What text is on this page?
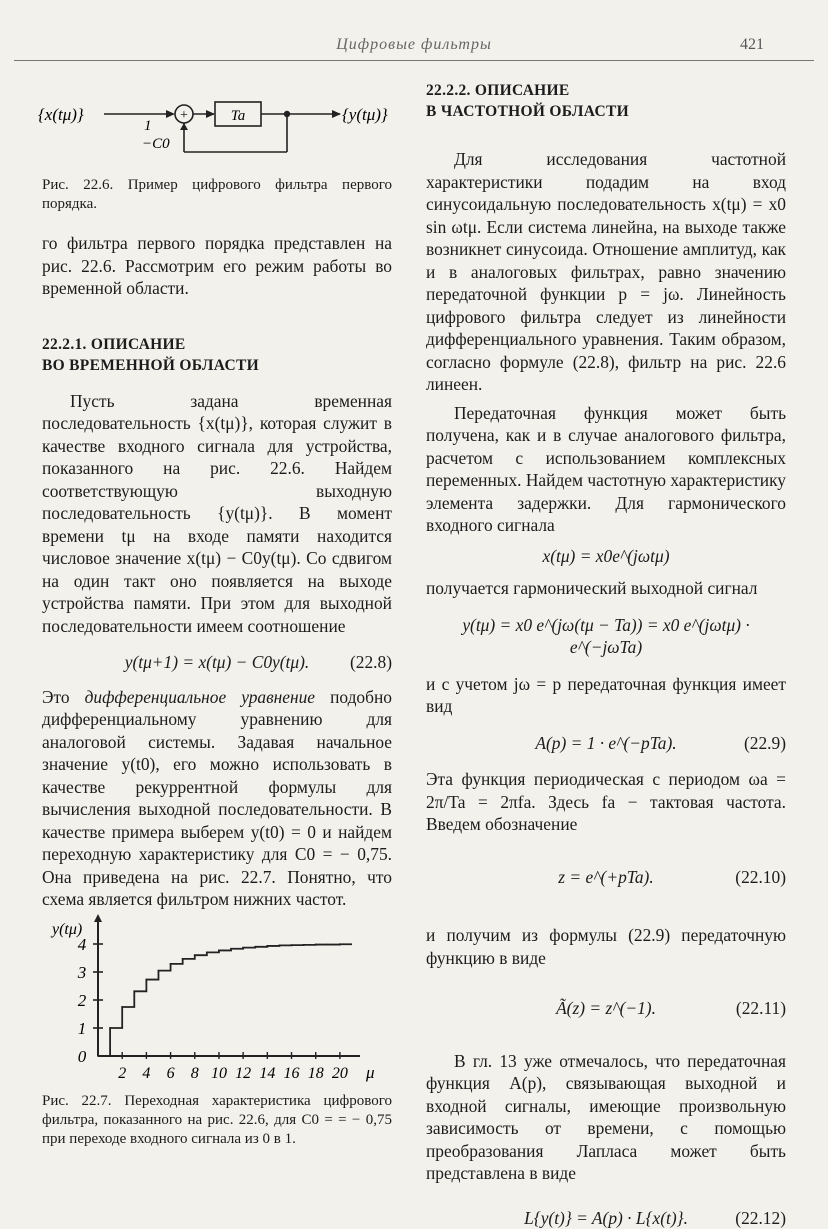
Цифровые фильтры	421
{x(tμ)}
1
+	Ta	{y(tμ)}
−C0
Рис. 22.6. Пример цифрового фильтра первого порядка.

го фильтра первого порядка представлен на рис. 22.6. Рассмотрим его режим работы во временной области.

22.2.1. ОПИСАНИЕ
ВО ВРЕМЕННОЙ ОБЛАСТИ

Пусть задана временная последовательность {x(tμ)}, которая служит в качестве входного сигнала для устройства, показанного на рис. 22.6. Найдем соответствующую выходную последовательность {y(tμ)}. В момент времени tμ на входе памяти находится числовое значение x(tμ) − C0y(tμ). Со сдвигом на один такт оно появляется на выходе устройства памяти. При этом для выходной последовательности имеем соотношение

y(tμ+1) = x(tμ) − C0y(tμ). (22.8)

Это дифференциальное уравнение подобно дифференциальному уравнению для аналоговой системы. Задавая начальное значение y(t0), его можно использовать в качестве рекуррентной формулы для вычисления выходной последовательности. В качестве примера выберем y(t0) = 0 и найдем переходную характеристику для C0 = − 0,75. Она приведена на рис. 22.7. Понятно, что схема является фильтром нижних частот.

0
1
2
3
4
2 4 6 8 10 12 14 16 18 20
y(tμ)
μ
Рис. 22.7. Переходная характеристика цифрового фильтра, показанного на рис. 22.6, для C0 = = − 0,75 при переходе входного сигнала из 0 в 1.
22.2.2. ОПИСАНИЕ
В ЧАСТОТНОЙ ОБЛАСТИ

Для исследования частотной характеристики подадим на вход синусоидальную последовательность x(tμ) = x0 sin ωtμ. Если система линейна, на выходе также возникнет синусоида. Отношение амплитуд, как и в аналоговых фильтрах, равно значению передаточной функции p = jω. Линейность цифрового фильтра следует из линейности дифференциального уравнения. Таким образом, согласно формуле (22.8), фильтр на рис. 22.6 линеен.

Передаточная функция может быть получена, как и в случае аналогового фильтра, расчетом с использованием комплексных переменных. Найдем частотную характеристику элемента задержки. Для гармонического входного сигнала

x(tμ) = x0e^(jωtμ)

получается гармонический выходной сигнал

y(tμ) = x0 e^(jω(tμ − Ta)) = x0 e^(jωtμ) · e^(−jωTa)

и с учетом jω = p передаточная функция имеет вид

A(p) = 1 · e^(−pTa).	(22.9)

Эта функция периодическая с периодом ωa = 2π/Ta = 2πfa. Здесь fa − тактовая частота. Введем обозначение

z = e^(+pTa).	(22.10)

и получим из формулы (22.9) передаточную функцию в виде

Ã(z) = z^(−1).	(22.11)

В гл. 13 уже отмечалось, что передаточная функция A(p), связывающая выходной и входной сигналы, имеющие произвольную зависимость от времени, с помощью преобразования Лапласа может быть представлена в виде

L{y(t)} = A(p) · L{x(t)}.	(22.12)
